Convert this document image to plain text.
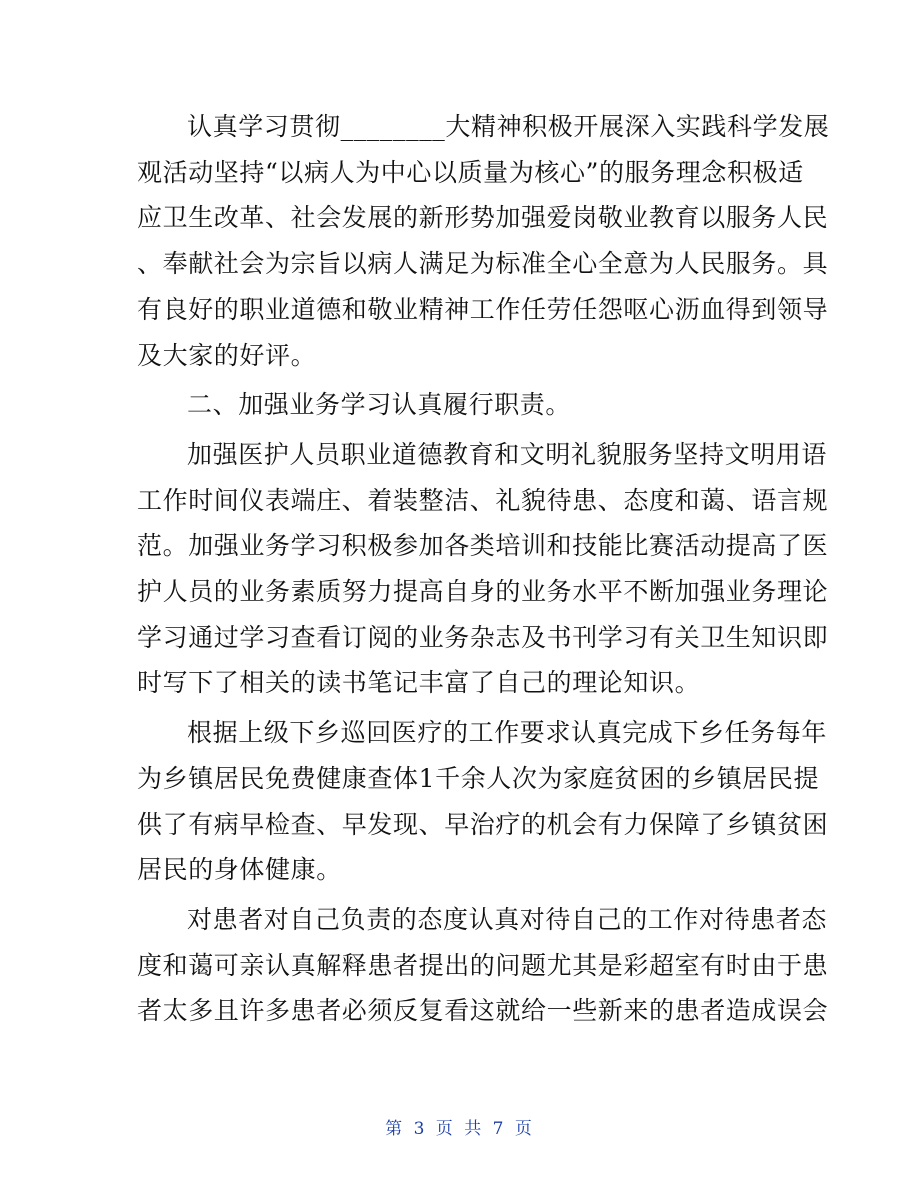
认真学习贯彻________大精神积极开展深入实践科学发展
观活动坚持“以病人为中心以质量为核心”的服务理念积极适
应卫生改革、社会发展的新形势加强爱岗敬业教育以服务人民
、奉献社会为宗旨以病人满足为标准全心全意为人民服务。具
有良好的职业道德和敬业精神工作任劳任怨呕心沥血得到领导
及大家的好评。

二、加强业务学习认真履行职责。

加强医护人员职业道德教育和文明礼貌服务坚持文明用语
工作时间仪表端庄、着装整洁、礼貌待患、态度和蔼、语言规
范。加强业务学习积极参加各类培训和技能比赛活动提高了医
护人员的业务素质努力提高自身的业务水平不断加强业务理论
学习通过学习查看订阅的业务杂志及书刊学习有关卫生知识即
时写下了相关的读书笔记丰富了自己的理论知识。

根据上级下乡巡回医疗的工作要求认真完成下乡任务每年
为乡镇居民免费健康查体1千余人次为家庭贫困的乡镇居民提
供了有病早检查、早发现、早治疗的机会有力保障了乡镇贫困
居民的身体健康。

对患者对自己负责的态度认真对待自己的工作对待患者态
度和蔼可亲认真解释患者提出的问题尤其是彩超室有时由于患
者太多且许多患者必须反复看这就给一些新来的患者造成误会

第 3 页 共 7 页
